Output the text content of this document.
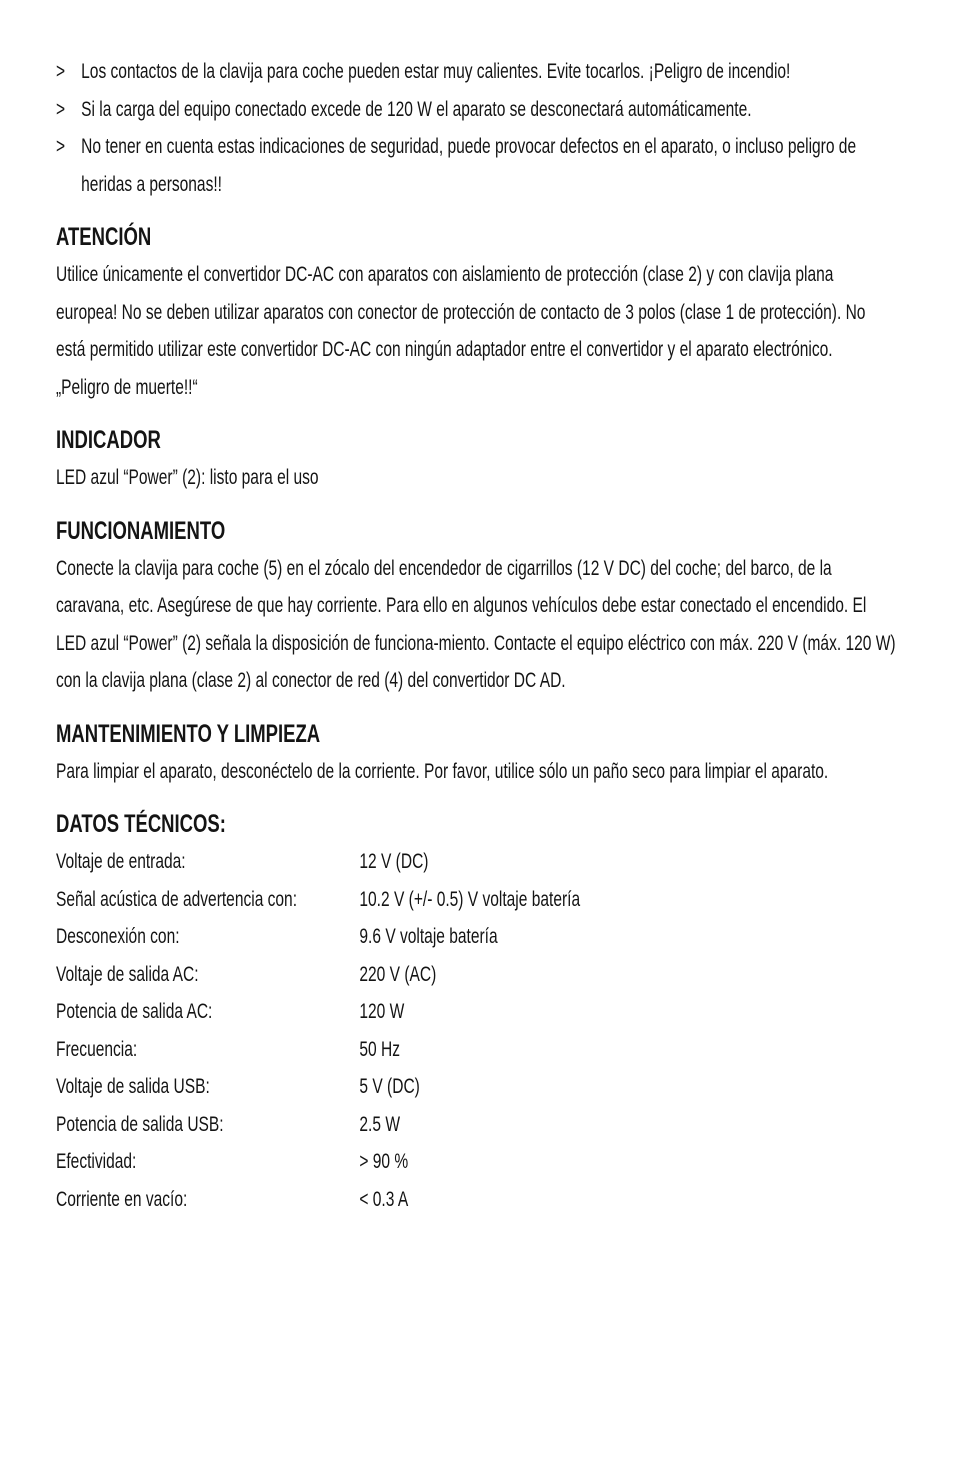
> Los contactos de la clavija para coche pueden estar muy calientes. Evite tocarlos. ¡Peligro de incendio!
> Si la carga del equipo conectado excede de 120 W el aparato se desconectará automáticamente.
> No tener en cuenta estas indicaciones de seguridad, puede provocar defectos en el aparato, o incluso peligro de heridas a personas!!
ATENCIÓN

Utilice únicamente el convertidor DC-AC con aparatos con aislamiento de protección (clase 2) y con clavija plana europea! No se deben utilizar aparatos con conector de protección de contacto de 3 polos (clase 1 de protección). No está permitido utilizar este convertidor DC-AC con ningún adaptador entre el convertidor y el aparato electrónico.

„Peligro de muerte!!“

INDICADOR

LED azul “Power” (2): listo para el uso

FUNCIONAMIENTO

Conecte la clavija para coche (5) en el zócalo del encendedor de cigarrillos (12 V DC) del coche; del barco, de la caravana, etc. Asegúrese de que hay corriente. Para ello en algunos vehículos debe estar conectado el encendido. El LED azul “Power” (2) señala la disposición de funciona-miento. Contacte el equipo eléctrico con máx. 220 V (máx. 120 W) con la clavija plana (clase 2) al conector de red (4) del convertidor DC AD.

MANTENIMIENTO Y LIMPIEZA

Para limpiar el aparato, desconéctelo de la corriente. Por favor, utilice sólo un paño seco para limpiar el aparato.

DATOS TÉCNICOS:
Voltaje de entrada:	12 V (DC)
Señal acústica de advertencia con:	10.2 V (+/- 0.5) V voltaje batería
Desconexión con:	9.6 V voltaje batería
Voltaje de salida AC:	220 V (AC)
Potencia de salida AC:	120 W
Frecuencia:	50 Hz
Voltaje de salida USB:	5 V (DC)
Potencia de salida USB:	2.5 W
Efectividad:	> 90 %
Corriente en vacío:	< 0.3 A
